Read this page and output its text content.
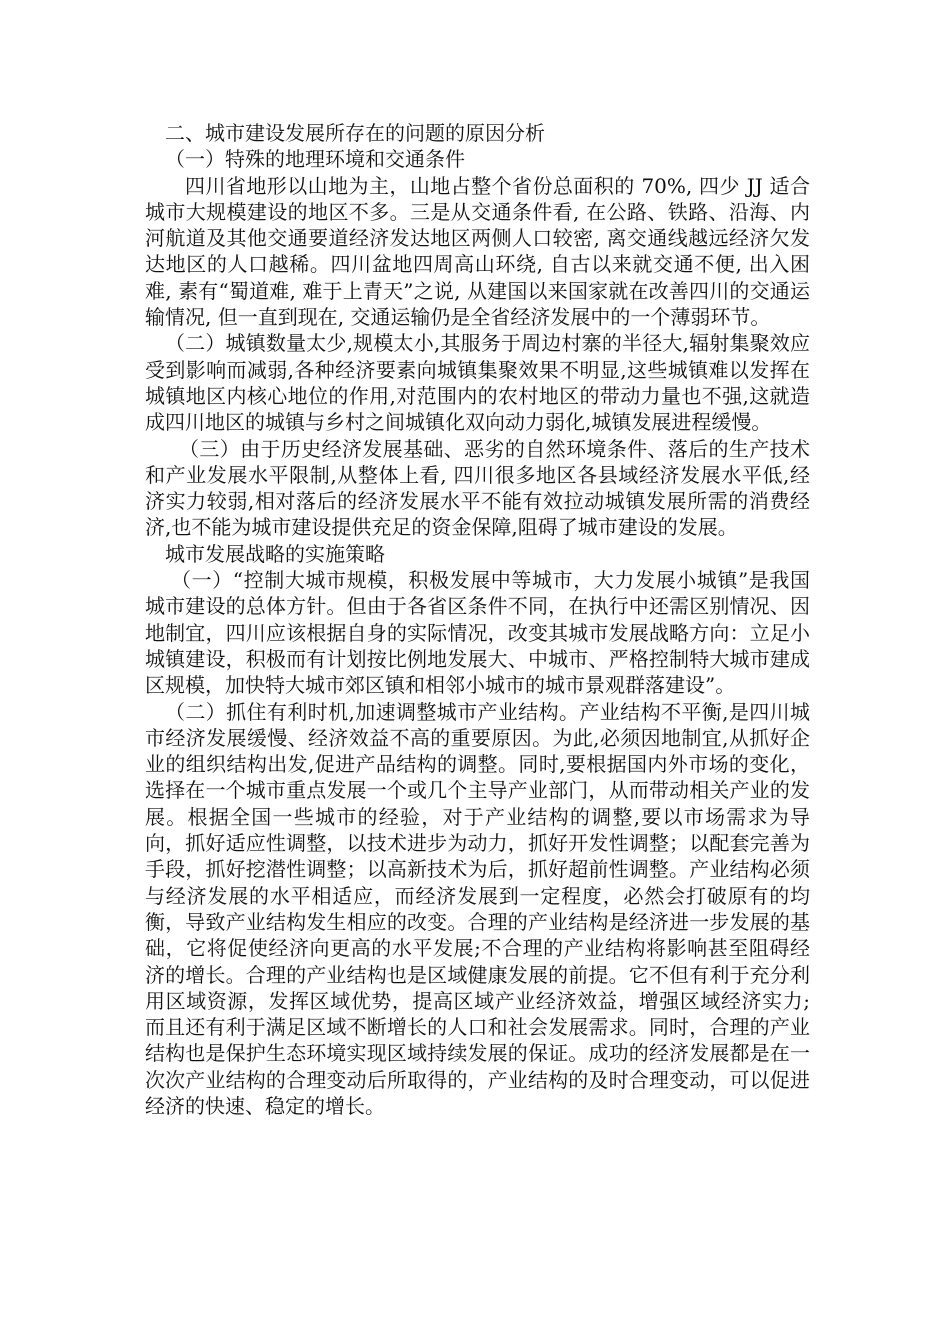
二、城市建设发展所存在的问题的原因分析

（一）特殊的地理环境和交通条件

四川省地形以山地为主，山地占整个省份总面积的 70%, 四少 JJ 适合城市大规模建设的地区不多。三是从交通条件看, 在公路、铁路、沿海、内河航道及其他交通要道经济发达地区两侧人口较密, 离交通线越远经济欠发达地区的人口越稀。四川盆地四周高山环绕, 自古以来就交通不便, 出入困难, 素有“蜀道难, 难于上青天”之说, 从建国以来国家就在改善四川的交通运输情况, 但一直到现在, 交通运输仍是全省经济发展中的一个薄弱环节。

（二）城镇数量太少,规模太小,其服务于周边村寨的半径大,辐射集聚效应受到影响而减弱,各种经济要素向城镇集聚效果不明显,这些城镇难以发挥在城镇地区内核心地位的作用,对范围内的农村地区的带动力量也不强,这就造成四川地区的城镇与乡村之间城镇化双向动力弱化,城镇发展进程缓慢。

（三）由于历史经济发展基础、恶劣的自然环境条件、落后的生产技术和产业发展水平限制,从整体上看, 四川很多地区各县域经济发展水平低,经济实力较弱,相对落后的经济发展水平不能有效拉动城镇发展所需的消费经济,也不能为城市建设提供充足的资金保障,阻碍了城市建设的发展。

城市发展战略的实施策略

（一）“控制大城市规模，积极发展中等城市，大力发展小城镇”是我国城市建设的总体方针。但由于各省区条件不同，在执行中还需区别情况、因地制宜，四川应该根据自身的实际情况，改变其城市发展战略方向：立足小城镇建设，积极而有计划按比例地发展大、中城市、严格控制特大城市建成区规模，加快特大城市郊区镇和相邻小城市的城市景观群落建设”。

（二）抓住有利时机,加速调整城市产业结构。产业结构不平衡,是四川城市经济发展缓慢、经济效益不高的重要原因。为此,必须因地制宜,从抓好企业的组织结构出发,促进产品结构的调整。同时,要根据国内外市场的变化，选择在一个城市重点发展一个或几个主导产业部门，从而带动相关产业的发展。根据全国一些城市的经验，对于产业结构的调整,要以市场需求为导向，抓好适应性调整，以技术进步为动力，抓好开发性调整；以配套完善为手段，抓好挖潜性调整；以高新技术为后，抓好超前性调整。产业结构必须与经济发展的水平相适应，而经济发展到一定程度，必然会打破原有的均衡，导致产业结构发生相应的改变。合理的产业结构是经济进一步发展的基础，它将促使经济向更高的水平发展;不合理的产业结构将影响甚至阻碍经济的增长。合理的产业结构也是区域健康发展的前提。它不但有利于充分利用区域资源，发挥区域优势，提高区域产业经济效益，增强区域经济实力;而且还有利于满足区域不断增长的人口和社会发展需求。同时，合理的产业结构也是保护生态环境实现区域持续发展的保证。成功的经济发展都是在一次次产业结构的合理变动后所取得的，产业结构的及时合理变动，可以促进经济的快速、稳定的增长。
